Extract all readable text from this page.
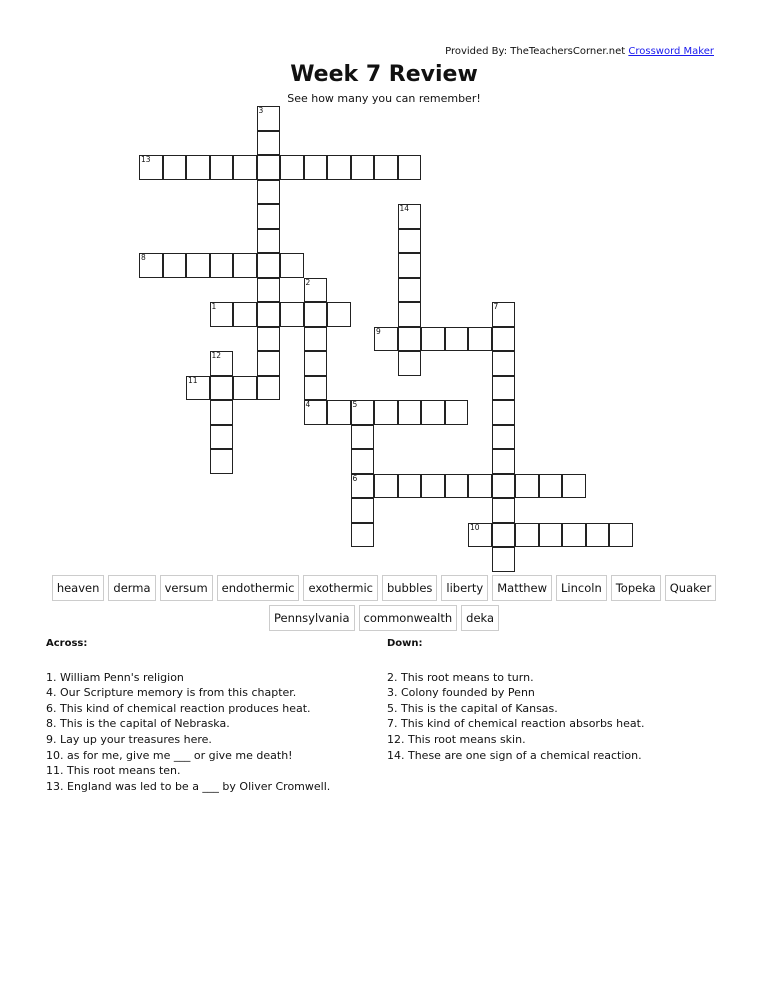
Provided By: TheTeachersCorner.net Crossword Maker
Week 7 Review
See how many you can remember!
13
8
1
9
11
4	5
6
10
3
14
2
7
12
heaven	derma	versum	endothermic	exothermic	bubbles	liberty	Matthew	Lincoln	Topeka	Quaker
Pennsylvania	commonwealth	deka
Across:
1. William Penn's religion
4. Our Scripture memory is from this chapter.
6. This kind of chemical reaction produces heat.
8. This is the capital of Nebraska.
9. Lay up your treasures here.
10. as for me, give me ___ or give me death!
11. This root means ten.
13. England was led to be a ___ by Oliver Cromwell.
Down:
2. This root means to turn.
3. Colony founded by Penn
5. This is the capital of Kansas.
7. This kind of chemical reaction absorbs heat.
12. This root means skin.
14. These are one sign of a chemical reaction.
